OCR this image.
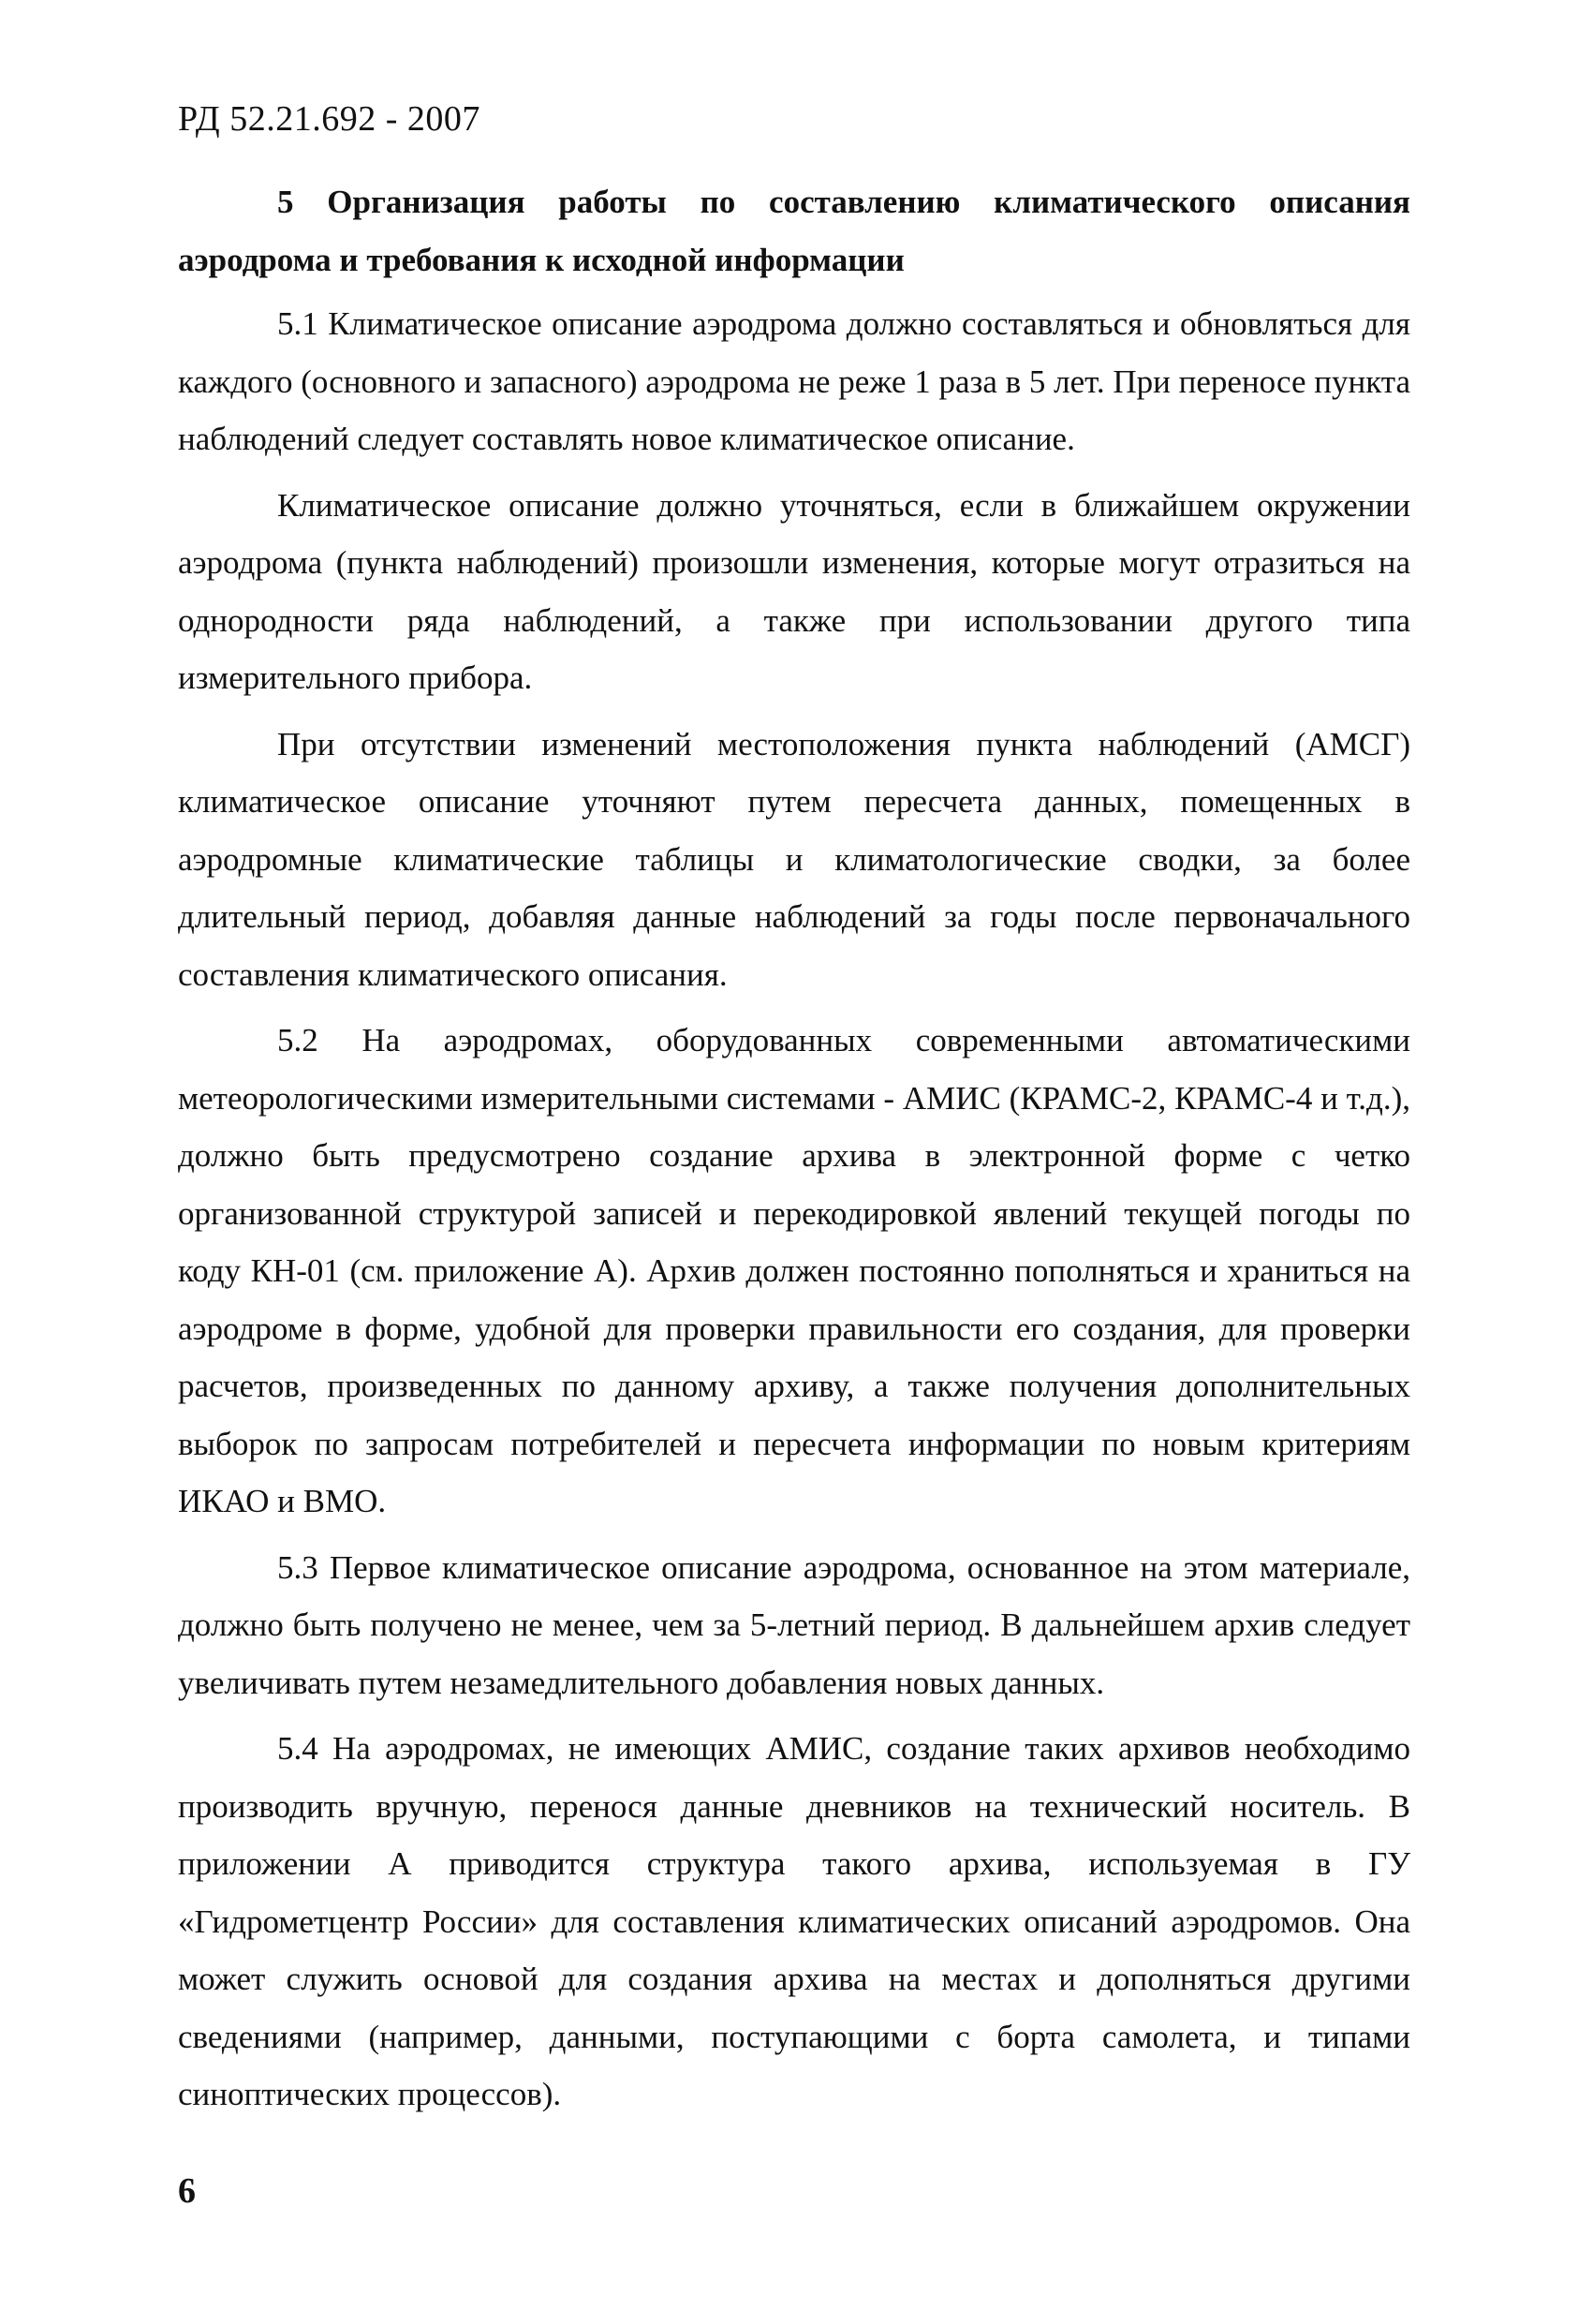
РД 52.21.692 - 2007

5 Организация работы по составлению климатического описания аэродрома и требования к исходной информации

5.1 Климатическое описание аэродрома должно составляться и обновляться для каждого (основного и запасного) аэродрома не реже 1 раза в 5 лет. При переносе пункта наблюдений следует составлять новое климатическое описание.

Климатическое описание должно уточняться, если в ближайшем окружении аэродрома (пункта наблюдений) произошли изменения, которые могут отразиться на однородности ряда наблюдений, а также при использовании другого типа измерительного прибора.

При отсутствии изменений местоположения пункта наблюдений (АМСГ) климатическое описание уточняют путем пересчета данных, помещенных в аэродромные климатические таблицы и климатологические сводки, за более длительный период, добавляя данные наблюдений за годы после первоначального составления климатического описания.

5.2 На аэродромах, оборудованных современными автоматическими метеорологическими измерительными системами - АМИС (КРАМС-2, КРАМС-4 и т.д.), должно быть предусмотрено создание архива в электронной форме с четко организованной структурой записей и перекодировкой явлений текущей погоды по коду КН-01 (см. приложение А). Архив должен постоянно пополняться и храниться на аэродроме в форме, удобной для проверки правильности его создания, для проверки расчетов, произведенных по данному архиву, а также получения дополнительных выборок по запросам потребителей и пересчета информации по новым критериям ИКАО и ВМО.

5.3 Первое климатическое описание аэродрома, основанное на этом материале, должно быть получено не менее, чем за 5-летний период. В дальнейшем архив следует увеличивать путем незамедлительного добавления новых данных.

5.4 На аэродромах, не имеющих АМИС, создание таких архивов необходимо производить вручную, перенося данные дневников на технический носитель. В приложении А приводится структура такого архива, используемая в ГУ «Гидрометцентр России» для составления климатических описаний аэродромов. Она может служить основой для создания архива на местах и дополняться другими сведениями (например, данными, поступающими с борта самолета, и типами синоптических процессов).

6
